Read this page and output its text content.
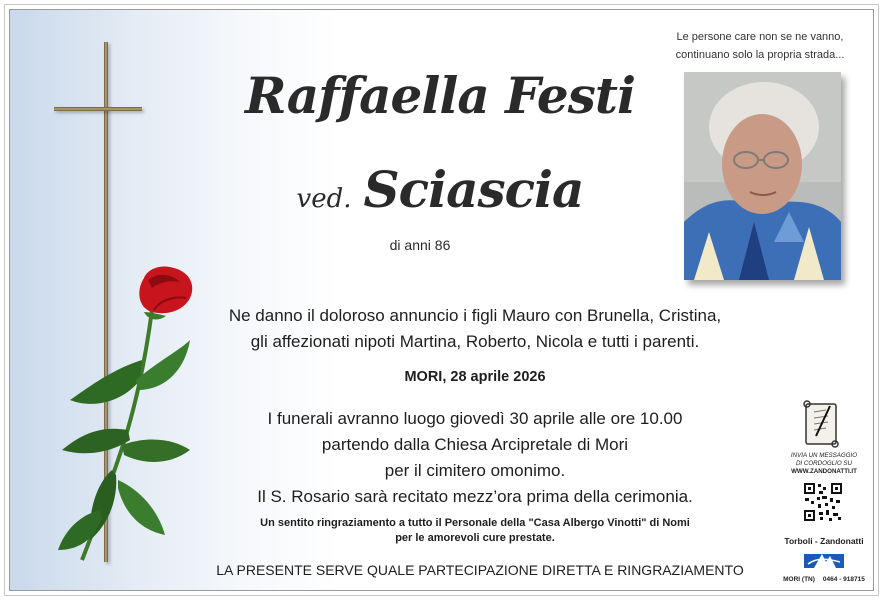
Raffaella Festi
ved. Sciascia
di anni 86
Le persone care non se ne vanno,
continuano solo la propria strada...
Ne danno il doloroso annuncio i figli Mauro con Brunella, Cristina,
gli affezionati nipoti Martina, Roberto, Nicola e tutti i parenti.
MORI, 28 aprile 2026
I funerali avranno luogo giovedì 30 aprile alle ore 10.00
partendo dalla Chiesa Arcipretale di Mori
per il cimitero omonimo.
Il S. Rosario sarà recitato mezz’ora prima della cerimonia.
Un sentito ringraziamento a tutto il Personale della "Casa Albergo Vinotti" di Nomi
per le amorevoli cure prestate.
LA PRESENTE SERVE QUALE PARTECIPAZIONE DIRETTA E RINGRAZIAMENTO
INVIA UN MESSAGGIO
DI CORDOGLIO SU
WWW.ZANDONATTI.IT
Torboli - Zandonatti
MORI (TN) 0464 - 918715
